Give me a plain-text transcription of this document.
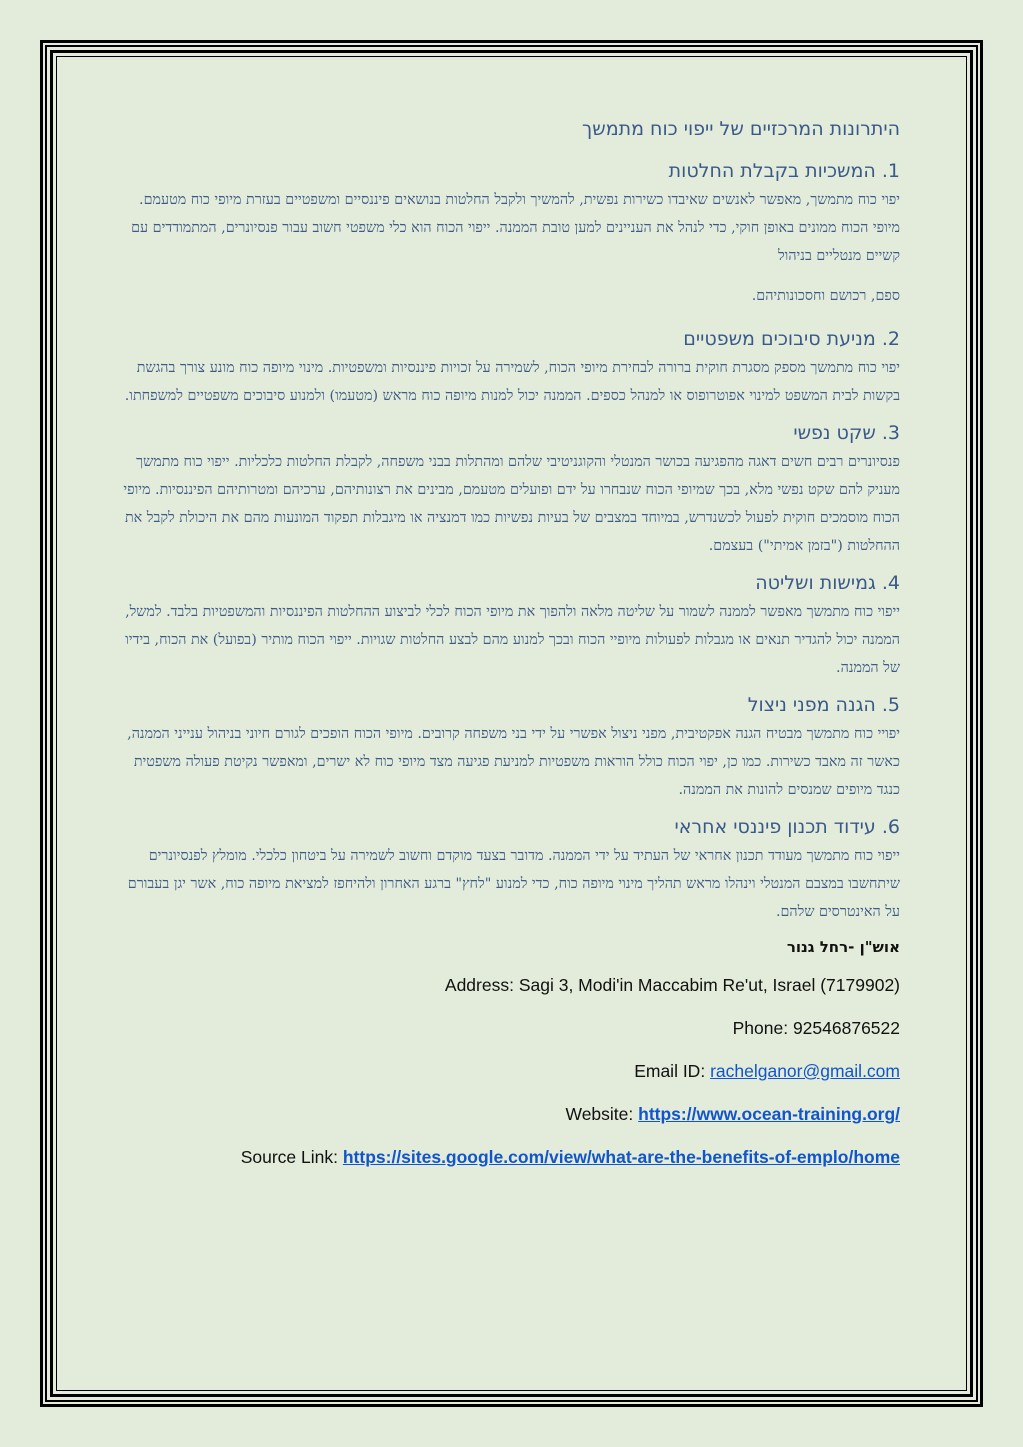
היתרונות המרכזיים של ייפוי כוח מתמשך
1. המשכיות בקבלת החלטות

יפוי כוח מתמשך, מאפשר לאנשים שאיבדו כשירות נפשית, להמשיך ולקבל החלטות בנושאים פיננסיים ומשפטיים בעזרת מיופי כוח מטעמם. מיופי הכוח ממונים באופן חוקי, כדי לנהל את העניינים למען טובת הממנה. ייפוי הכוח הוא כלי משפטי חשוב עבור פנסיונרים, המתמודדים עם קשיים מנטליים בניהול

ספם, רכושם וחסכונותיהם.

2. מניעת סיבוכים משפטיים

יפוי כוח מתמשך מספק מסגרת חוקית ברורה לבחירת מיופי הכוח, לשמירה על זכויות פיננסיות ומשפטיות. מינוי מיופה כוח מונע צורך בהגשת בקשות לבית המשפט למינוי אפוטרופוס או למנהל כספים. הממנה יכול למנות מיופה כוח מראש (מטעמו) ולמנוע סיבוכים משפטיים למשפחתו.

3. שקט נפשי

פנסיונרים רבים חשים דאגה מהפגיעה בכושר המנטלי והקוגניטיבי שלהם ומהתלות בבני משפחה, לקבלת החלטות כלכליות. ייפוי כוח מתמשך מעניק להם שקט נפשי מלא, בכך שמיופי הכוח שנבחרו על ידם ופועלים מטעמם, מבינים את רצונותיהם, ערכיהם ומטרותיהם הפיננסיות. מיופי הכוח מוסמכים חוקית לפעול לכשנדרש, במיוחד במצבים של בעיות נפשיות כמו דמנציה או מיגבלות תפקוד המונעות מהם את היכולת לקבל את ההחלטות ("בזמן אמיתי") בעצמם.

4. גמישות ושליטה

ייפוי כוח מתמשך מאפשר לממנה לשמור על שליטה מלאה ולהפוך את מיופי הכוח לכלי לביצוע ההחלטות הפיננסיות והמשפטיות בלבד. למשל, הממנה יכול להגדיר תנאים או מגבלות לפעולות מיופיי הכוח ובכך למנוע מהם לבצע החלטות שגויות. ייפוי הכוח מותיר (בפועל) את הכוח, בידיו של הממנה.

5. הגנה מפני ניצול

יפויי כוח מתמשך מבטיח הגנה אפקטיבית, מפני ניצול אפשרי על ידי בני משפחה קרובים. מיופי הכוח הופכים לגורם חיוני בניהול ענייני הממנה, כאשר זה מאבד כשירות. כמו כן, יפוי הכוח כולל הוראות משפטיות למניעת פגיעה מצד מיופי כוח לא ישרים, ומאפשר נקיטת פעולה משפטית כנגד מיופים שמנסים להונות את הממנה.

6. עידוד תכנון פיננסי אחראי

ייפוי כוח מתמשך מעודד תכנון אחראי של העתיד על ידי הממנה. מדובר בצעד מוקדם וחשוב לשמירה על ביטחון כלכלי. מומלץ לפנסיונרים שיתחשבו במצבם המנטלי וינהלו מראש תהליך מינוי מיופה כוח, כדי למנוע "לחץ" ברגע האחרון ולהיחפז למציאת מיופה כוח, אשר יגן בעבורם על האינטרסים שלהם.

אוש"ן -רחל גנור

Address: Sagi 3, Modi'in Maccabim Re'ut, Israel (7179902)

Phone: 92546876522

Email ID: rachelganor@gmail.com

Website: https://www.ocean-training.org/

Source Link: https://sites.google.com/view/what-are-the-benefits-of-emplo/home
